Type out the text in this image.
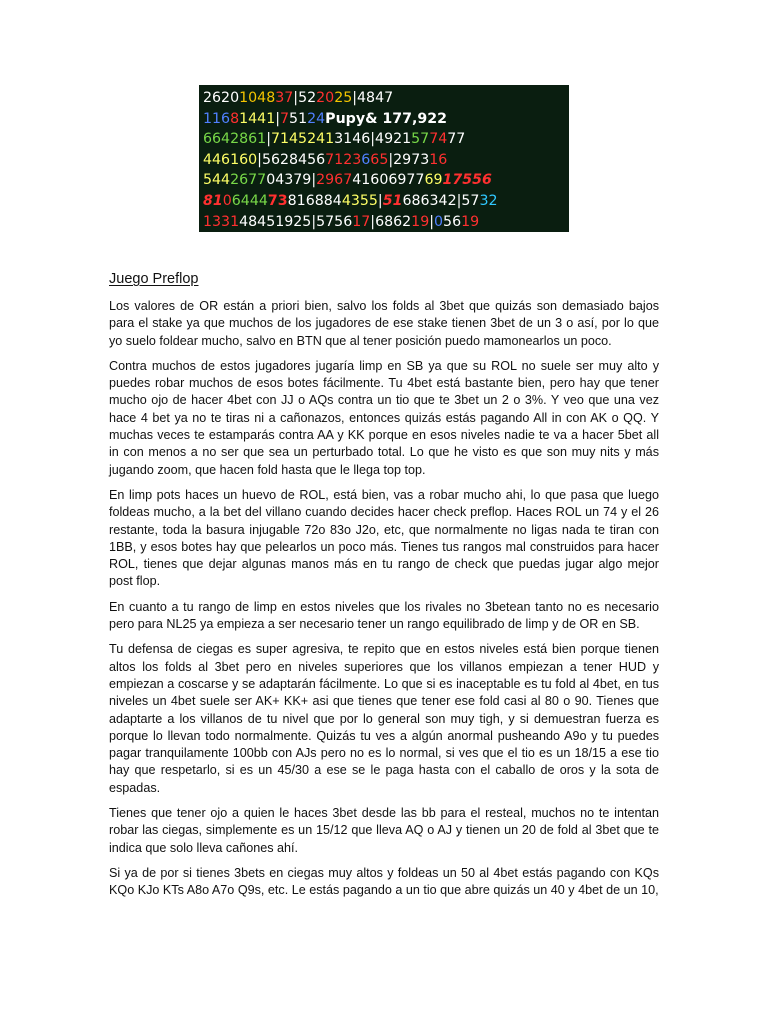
2620104837|522025|4847
11681441|75124Pupy& 177,922
6642861|71452413146|4921577477
446160|56284567123665|297316
544267704379|2967416069776917556
8106444738168844355|51686342|5732
133148451925|575617|686219|05619
Juego Preflop

Los valores de OR están a priori bien, salvo los folds al 3bet que quizás son demasiado bajos para el stake ya que muchos de los jugadores de ese stake tienen 3bet de un 3 o así, por lo que yo suelo foldear mucho, salvo en BTN que al tener posición puedo mamonearlos un poco.

Contra muchos de estos jugadores jugaría limp en SB ya que su ROL no suele ser muy alto y puedes robar muchos de esos botes fácilmente. Tu 4bet está bastante bien, pero hay que tener mucho ojo de hacer 4bet con JJ o AQs contra un tio que te 3bet un 2 o 3%. Y veo que una vez hace 4 bet ya no te tiras ni a cañonazos, entonces quizás estás pagando All in con AK o QQ. Y muchas veces te estamparás contra AA y KK porque en esos niveles nadie te va a hacer 5bet all in con menos a no ser que sea un perturbado total. Lo que he visto es que son muy nits y más jugando zoom, que hacen fold hasta que le llega top top.

En limp pots haces un huevo de ROL, está bien, vas a robar mucho ahi, lo que pasa que luego foldeas mucho, a la bet del villano cuando decides hacer check preflop. Haces ROL un 74 y el 26 restante, toda la basura injugable 72o 83o J2o, etc, que normalmente no ligas nada te tiran con 1BB, y esos botes hay que pelearlos un poco más. Tienes tus rangos mal construidos para hacer ROL, tienes que dejar algunas manos más en tu rango de check que puedas jugar algo mejor post flop.

En cuanto a tu rango de limp en estos niveles que los rivales no 3betean tanto no es necesario pero para NL25 ya empieza a ser necesario tener un rango equilibrado de limp y de OR en SB.

Tu defensa de ciegas es super agresiva, te repito que en estos niveles está bien porque tienen altos los folds al 3bet pero en niveles superiores que los villanos empiezan a tener HUD y empiezan a coscarse y se adaptarán fácilmente. Lo que si es inaceptable es tu fold al 4bet, en tus niveles un 4bet suele ser AK+ KK+ asi que tienes que tener ese fold casi al 80 o 90. Tienes que adaptarte a los villanos de tu nivel que por lo general son muy tigh, y si demuestran fuerza es porque lo llevan todo normalmente. Quizás tu ves a algún anormal pusheando A9o y tu puedes pagar tranquilamente 100bb con AJs pero no es lo normal, si ves que el tio es un 18/15 a ese tio hay que respetarlo, si es un 45/30 a ese se le paga hasta con el caballo de oros y la sota de espadas.

Tienes que tener ojo a quien le haces 3bet desde las bb para el resteal, muchos no te intentan robar las ciegas, simplemente es un 15/12 que lleva AQ o AJ y tienen un 20 de fold al 3bet que te indica que solo lleva cañones ahí.

Si ya de por si tienes 3bets en ciegas muy altos y foldeas un 50 al 4bet estás pagando con KQs KQo KJo KTs A8o A7o Q9s, etc. Le estás pagando a un tio que abre quizás un 40 y 4bet de un 10,
